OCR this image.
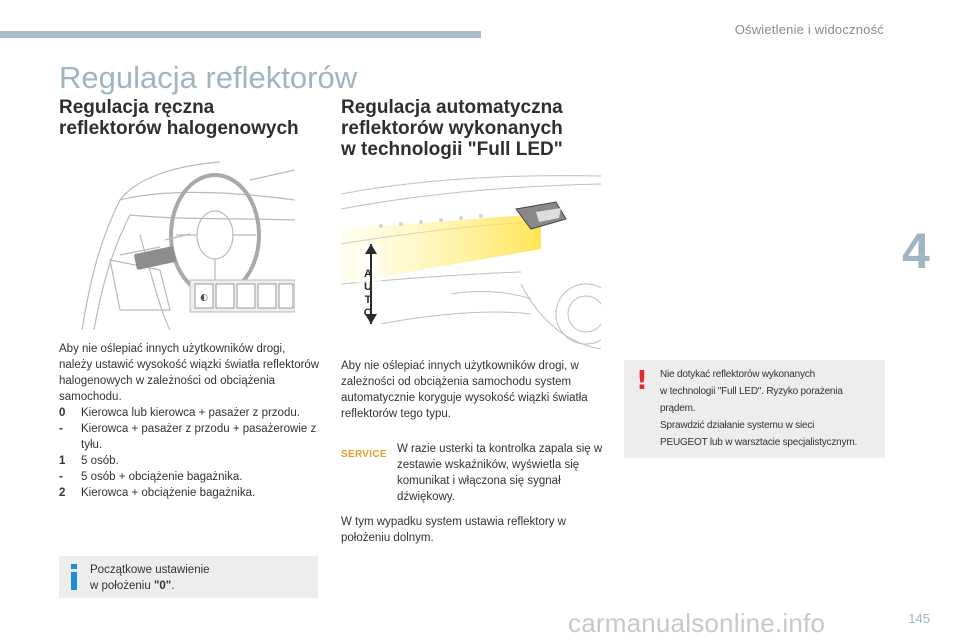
Oświetlenie i widoczność
4
Regulacja reflektorów
Regulacja ręczna
reflektorów halogenowych
Regulacja automatyczna
reflektorów wykonanych
w technologii "Full LED"
◐
AUTO
Aby nie oślepiać innych użytkowników drogi, należy ustawić wysokość wiązki światła reflektorów halogenowych w zależności od obciążenia samochodu.
0	Kierowca lub kierowca + pasażer z przodu.
-	Kierowca + pasażer z przodu + pasażerowie z tyłu.
1	5 osób.
-	5 osób + obciążenie bagażnika.
2	Kierowca + obciążenie bagażnika.
Początkowe ustawienie
w położeniu "0".
Aby nie oślepiać innych użytkowników drogi, w zależności od obciążenia samochodu system automatycznie koryguje wysokość wiązki światła reflektorów tego typu.
SERVICE W razie usterki ta kontrolka zapala się w zestawie wskaźników, wyświetla się komunikat i włączona się sygnał dźwiękowy.
W tym wypadku system ustawia reflektory w położeniu dolnym.
! Nie dotykać reflektorów wykonanych
w technologii "Full LED". Ryzyko porażenia
prądem.
Sprawdzić działanie systemu w sieci
PEUGEOT lub w warsztacie specjalistycznym.
carmanualsonline.info	145
